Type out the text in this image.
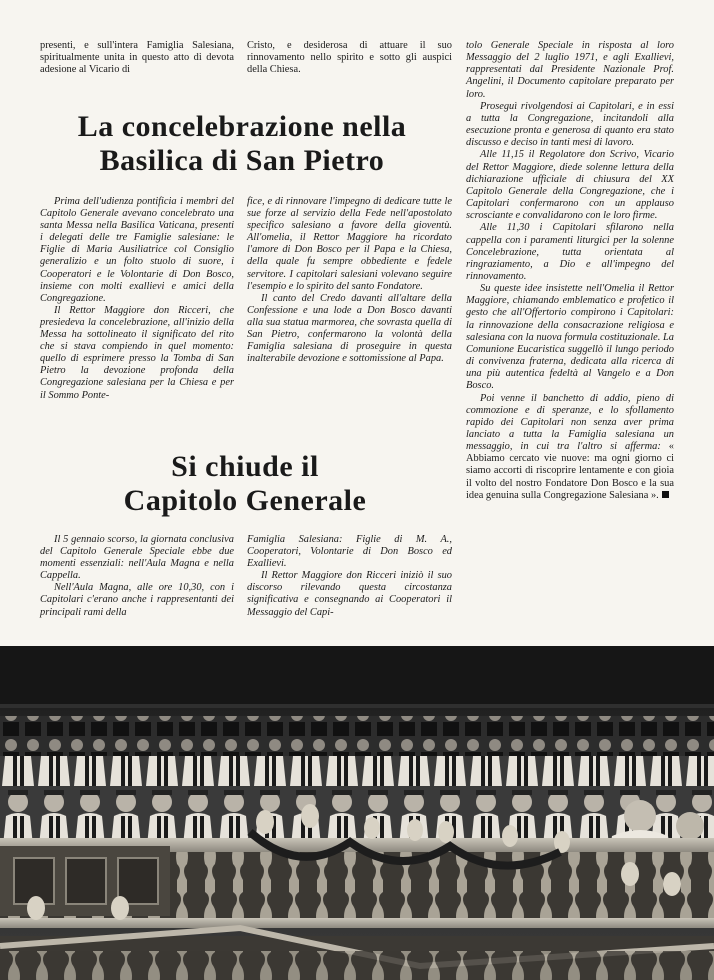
presenti, e sull'intera Famiglia Salesiana, spiritualmente unita in questo atto di devota adesione al Vicario di

Cristo, e desiderosa di attuare il suo rinnovamento nello spirito e sotto gli auspici della Chiesa.

tolo Generale Speciale in risposta al loro Messaggio del 2 luglio 1971, e agli Exallievi, rappresentati dal Presidente Nazionale Prof. Angelini, il Documento capitolare preparato per loro.

Proseguì rivolgendosi ai Capitolari, e in essi a tutta la Congregazione, incitandoli alla esecuzione pronta e generosa di quanto era stato discusso e deciso in tanti mesi di lavoro.

Alle 11,15 il Regolatore don Scrivo, Vicario del Rettor Maggiore, diede solenne lettura della dichiarazione ufficiale di chiusura del XX Capitolo Generale della Congregazione, che i Capitolari confermarono con un applauso scrosciante e convalidarono con le loro firme.

Alle 11,30 i Capitolari sfilarono nella cappella con i paramenti liturgici per la solenne Concelebrazione, tutta orientata al ringraziamento, a Dio e all'impegno del rinnovamento.

Su queste idee insistette nell'Omelia il Rettor Maggiore, chiamando emblematico e profetico il gesto che all'Offertorio compirono i Capitolari: la rinnovazione della consacrazione religiosa e salesiana con la nuova formula costituzionale. La Comunione Eucaristica suggellò il lungo periodo di convivenza fraterna, dedicata alla ricerca di una più autentica fedeltà al Vangelo e a Don Bosco.

Poi venne il banchetto di addio, pieno di commozione e di speranze, e lo sfollamento rapido dei Capitolari non senza aver prima lanciato a tutta la Famiglia salesiana un messaggio, in cui tra l'altro si afferma: « Abbiamo cercato vie nuove: ma ogni giorno ci siamo accorti di riscoprire lentamente e con gioia il volto del nostro Fondatore Don Bosco e la sua idea genuina sulla Congregazione Salesiana ».

La concelebrazione nella
Basilica di San Pietro

Prima dell'udienza pontificia i membri del Capitolo Generale avevano concelebrato una santa Messa nella Basilica Vaticana, presenti i delegati delle tre Famiglie salesiane: le Figlie di Maria Ausiliatrice col Consiglio generalizio e un folto stuolo di suore, i Cooperatori e le Volontarie di Don Bosco, insieme con molti exallievi e amici della Congregazione.

Il Rettor Maggiore don Ricceri, che presiedeva la concelebrazione, all'inizio della Messa ha sottolineato il significato del rito che si stava compiendo in quel momento: quello di esprimere presso la Tomba di San Pietro la devozione profonda della Congregazione salesiana per la Chiesa e per il Sommo Ponte-

fice, e di rinnovare l'impegno di dedicare tutte le sue forze al servizio della Fede nell'apostolato specifico salesiano a favore della gioventù. All'omelia, il Rettor Maggiore ha ricordato l'amore di Don Bosco per il Papa e la Chiesa, della quale fu sempre obbediente e fedele servitore. I capitolari salesiani volevano seguire l'esempio e lo spirito del santo Fondatore.

Il canto del Credo davanti all'altare della Confessione e una lode a Don Bosco davanti alla sua statua marmorea, che sovrasta quella di San Pietro, confermarono la volontà della Famiglia salesiana di proseguire in questa inalterabile devozione e sottomissione al Papa.

Si chiude il
Capitolo Generale

Il 5 gennaio scorso, la giornata conclusiva del Capitolo Generale Speciale ebbe due momenti essenziali: nell'Aula Magna e nella Cappella.

Nell'Aula Magna, alle ore 10,30, con i Capitolari c'erano anche i rappresentanti dei principali rami della

Famiglia Salesiana: Figlie di M. A., Cooperatori, Volontarie di Don Bosco ed Exallievi.

Il Rettor Maggiore don Ricceri iniziò il suo discorso rilevando questa circostanza significativa e consegnando ai Cooperatori il Messaggio del Capi-
